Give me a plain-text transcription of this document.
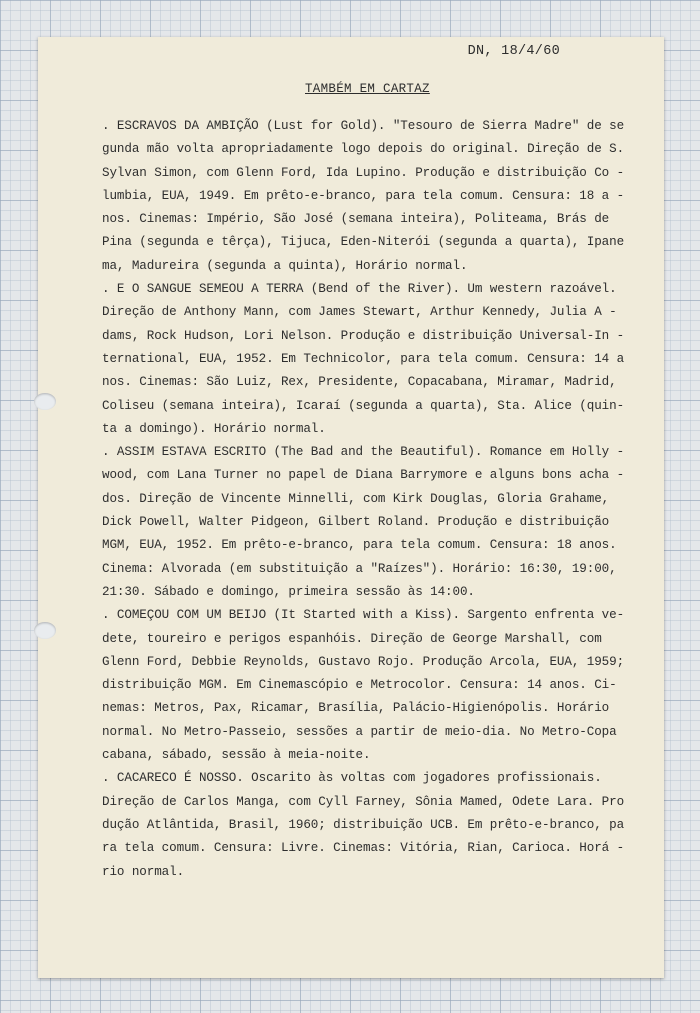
DN, 18/4/60
TAMBÉM EM CARTAZ
. ESCRAVOS DA AMBIÇÃO (Lust for Gold). "Tesouro de Sierra Madre" de se
gunda mão volta apropriadamente logo depois do original. Direção de S.
Sylvan Simon, com Glenn Ford, Ida Lupino. Produção e distribuição Co -
lumbia, EUA, 1949. Em prêto-e-branco, para tela comum. Censura: 18 a -
nos. Cinemas: Império, São José (semana inteira), Politeama, Brás de
Pina (segunda e têrça), Tijuca, Eden-Niterói (segunda a quarta), Ipane
ma, Madureira (segunda a quinta), Horário normal.
. E O SANGUE SEMEOU A TERRA (Bend of the River). Um western razoável.
Direção de Anthony Mann, com James Stewart, Arthur Kennedy, Julia A -
dams, Rock Hudson, Lori Nelson. Produção e distribuição Universal-In -
ternational, EUA, 1952. Em Technicolor, para tela comum. Censura: 14 a
nos. Cinemas: São Luiz, Rex, Presidente, Copacabana, Miramar, Madrid,
Coliseu (semana inteira), Icaraí (segunda a quarta), Sta. Alice (quin-
ta a domingo). Horário normal.
. ASSIM ESTAVA ESCRITO (The Bad and the Beautiful). Romance em Holly -
wood, com Lana Turner no papel de Diana Barrymore e alguns bons acha -
dos. Direção de Vincente Minnelli, com Kirk Douglas, Gloria Grahame,
Dick Powell, Walter Pidgeon, Gilbert Roland. Produção e distribuição
MGM, EUA, 1952. Em prêto-e-branco, para tela comum. Censura: 18 anos.
Cinema: Alvorada (em substituição a "Raízes"). Horário: 16:30, 19:00,
21:30. Sábado e domingo, primeira sessão às 14:00.
. COMEÇOU COM UM BEIJO (It Started with a Kiss). Sargento enfrenta ve-
dete, toureiro e perigos espanhóis. Direção de George Marshall, com
Glenn Ford, Debbie Reynolds, Gustavo Rojo. Produção Arcola, EUA, 1959;
distribuição MGM. Em Cinemascópio e Metrocolor. Censura: 14 anos. Ci-
nemas: Metros, Pax, Ricamar, Brasília, Palácio-Higienópolis. Horário
normal. No Metro-Passeio, sessões a partir de meio-dia. No Metro-Copa
cabana, sábado, sessão à meia-noite.
. CACARECO É NOSSO. Oscarito às voltas com jogadores profissionais.
Direção de Carlos Manga, com Cyll Farney, Sônia Mamed, Odete Lara. Pro
dução Atlântida, Brasil, 1960; distribuição UCB. Em prêto-e-branco, pa
ra tela comum. Censura: Livre. Cinemas: Vitória, Rian, Carioca. Horá -
rio normal.
